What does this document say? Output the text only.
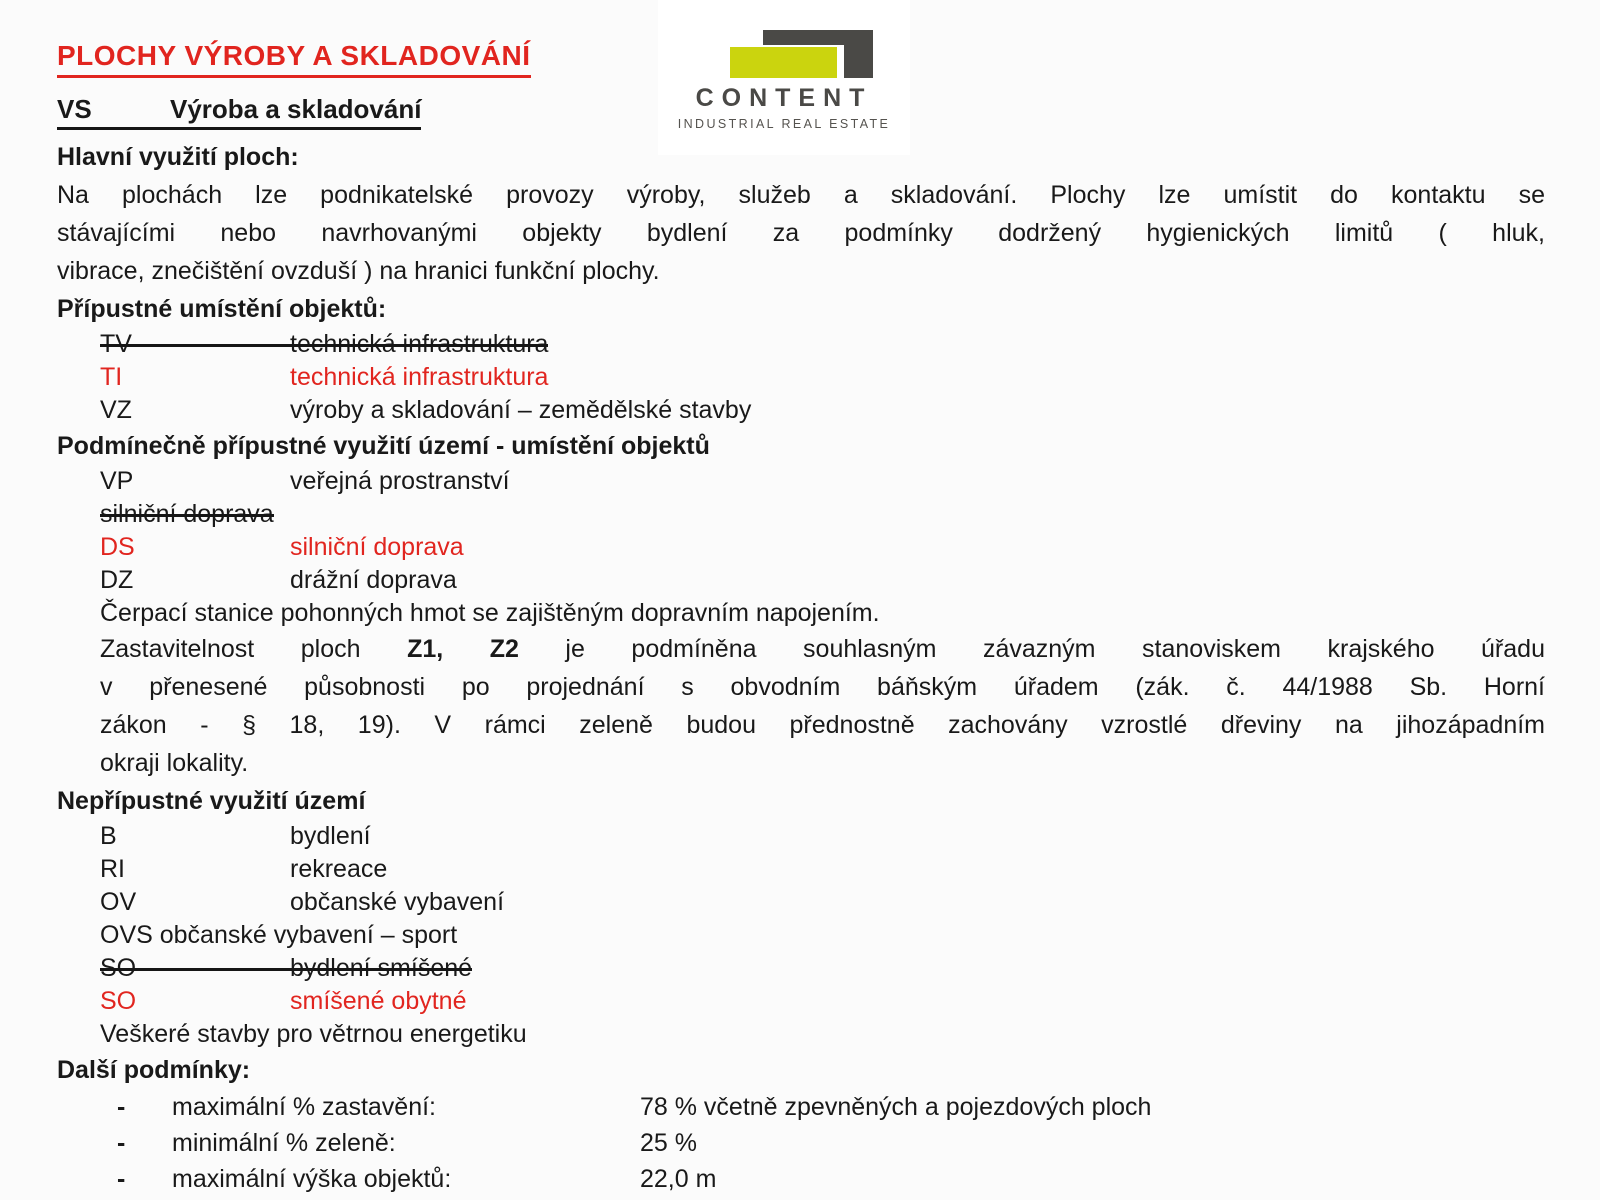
PLOCHY VÝROBY A SKLADOVÁNÍ
VS	Výroba a skladování
Hlavní využití ploch:
Na plochách lze podnikatelské provozy výroby, služeb a skladování. Plochy lze umístit do kontaktu se
stávajícími nebo navrhovanými objekty bydlení za podmínky dodržený hygienických limitů ( hluk,
vibrace, znečištění ovzduší ) na hranici funkční plochy.
Přípustné umístění objektů:
TV	technická infrastruktura
TI	technická infrastruktura
VZ	výroby a skladování – zemědělské stavby
Podmínečně přípustné využití území - umístění objektů
VP	veřejná prostranství
silniční doprava
DS	silniční doprava
DZ	drážní doprava
Čerpací stanice pohonných hmot se zajištěným dopravním napojením.
Zastavitelnost ploch Z1, Z2 je podmíněna souhlasným závazným stanoviskem krajského úřadu
v přenesené působnosti po projednání s obvodním báňským úřadem (zák. č. 44/1988 Sb. Horní
zákon - § 18, 19). V rámci zeleně budou přednostně zachovány vzrostlé dřeviny na jihozápadním
okraji lokality.
Nepřípustné využití území
B	bydlení
RI	rekreace
OV	občanské vybavení
OVS občanské vybavení – sport
SO	bydlení smíšené
SO	smíšené obytné
Veškeré stavby pro větrnou energetiku
Další podmínky:
-	maximální % zastavění:	78 % včetně zpevněných a pojezdových ploch
-	minimální % zeleně:	25 %
-	maximální výška objektů:	22,0 m
CONTENT
INDUSTRIAL REAL ESTATE
